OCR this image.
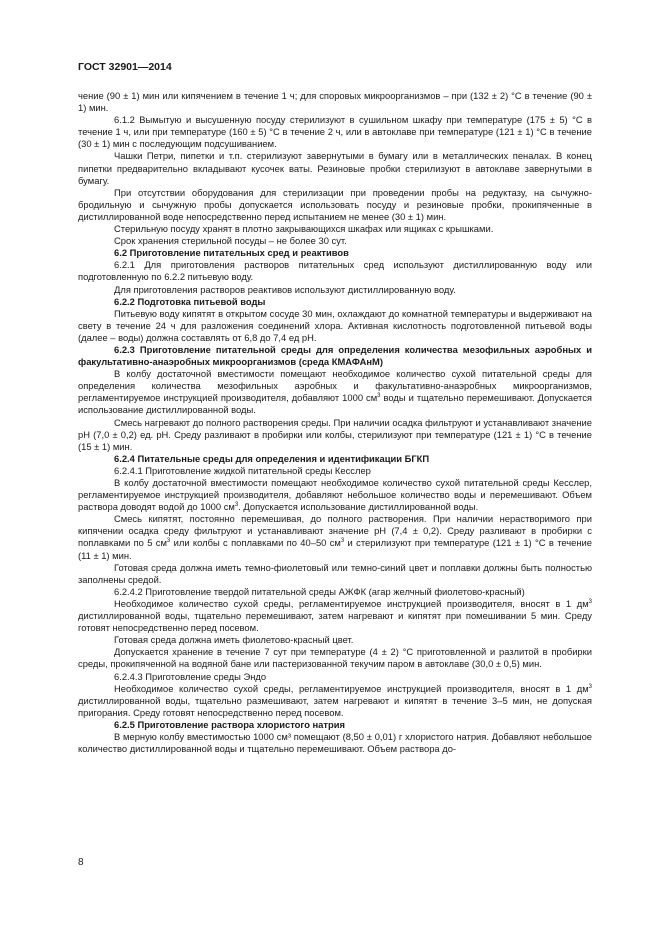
ГОСТ 32901—2014

чение (90 ± 1) мин или кипячением в течение 1 ч; для споровых микроорганизмов – при (132 ± 2) °С в течение (90 ± 1) мин.

6.1.2 Вымытую и высушенную посуду стерилизуют в сушильном шкафу при температуре (175 ± 5) °С в течение 1 ч, или при температуре (160 ± 5) °С в течение 2 ч, или в автоклаве при температуре (121 ± 1) °С в течение (30 ± 1) мин с последующим подсушиванием.

Чашки Петри, пипетки и т.п. стерилизуют завернутыми в бумагу или в металлических пеналах. В конец пипетки предварительно вкладывают кусочек ваты. Резиновые пробки стерилизуют в автоклаве завернутыми в бумагу.

При отсутствии оборудования для стерилизации при проведении пробы на редуктазу, на сычужно-бродильную и сычужную пробы допускается использовать посуду и резиновые пробки, прокипяченные в дистиллированной воде непосредственно перед испытанием не менее (30 ± 1) мин.

Стерильную посуду хранят в плотно закрывающихся шкафах или ящиках с крышками.

Срок хранения стерильной посуды – не более 30 сут.

6.2 Приготовление питательных сред и реактивов

6.2.1 Для приготовления растворов питательных сред используют дистиллированную воду или подготовленную по 6.2.2 питьевую воду.

Для приготовления растворов реактивов используют дистиллированную воду.

6.2.2 Подготовка питьевой воды

Питьевую воду кипятят в открытом сосуде 30 мин, охлаждают до комнатной температуры и выдерживают на свету в течение 24 ч для разложения соединений хлора. Активная кислотность подготовленной питьевой воды (далее – воды) должна составлять от 6,8 до 7,4 ед рН.

6.2.3 Приготовление питательной среды для определения количества мезофильных аэробных и факультативно-анаэробных микроорганизмов (среда КМАФАнМ)

В колбу достаточной вместимости помещают необходимое количество сухой питательной среды для определения количества мезофильных аэробных и факультативно-анаэробных микроорганизмов, регламентируемое инструкцией производителя, добавляют 1000 $см^3$ воды и тщательно перемешивают. Допускается использование дистиллированной воды.

Смесь нагревают до полного растворения среды. При наличии осадка фильтруют и устанавливают значение рН (7,0 ± 0,2) ед. рН. Среду разливают в пробирки или колбы, стерилизуют при температуре (121 ± 1) °С в течение (15 ± 1) мин.

6.2.4 Питательные среды для определения и идентификации БГКП

6.2.4.1 Приготовление жидкой питательной среды Кесслер

В колбу достаточной вместимости помещают необходимое количество сухой питательной среды Кесслер, регламентируемое инструкцией производителя, добавляют небольшое количество воды и перемешивают. Объем раствора доводят водой до 1000 $см^3$. Допускается использование дистиллированной воды.

Смесь кипятят, постоянно перемешивая, до полного растворения. При наличии нерастворимого при кипячении осадка среду фильтруют и устанавливают значение рН (7,4 ± 0,2). Среду разливают в пробирки с поплавками по 5 $см^3$ или колбы с поплавками по 40–50 $см^3$ и стерилизуют при температуре (121 ± 1) °С в течение (11 ± 1) мин.

Готовая среда должна иметь темно-фиолетовый или темно-синий цвет и поплавки должны быть полностью заполнены средой.

6.2.4.2 Приготовление твердой питательной среды АЖФК (агар желчный фиолетово-красный)

Необходимое количество сухой среды, регламентируемое инструкцией производителя, вносят в 1 $дм^3$ дистиллированной воды, тщательно перемешивают, затем нагревают и кипятят при помешивании 5 мин. Среду готовят непосредственно перед посевом.

Готовая среда должна иметь фиолетово-красный цвет.

Допускается хранение в течение 7 сут при температуре (4 ± 2) °С приготовленной и разлитой в пробирки среды, прокипяченной на водяной бане или пастеризованной текучим паром в автоклаве (30,0 ± 0,5) мин.

6.2.4.3 Приготовление среды Эндо

Необходимое количество сухой среды, регламентируемое инструкцией производителя, вносят в 1 $дм^3$ дистиллированной воды, тщательно размешивают, затем нагревают и кипятят в течение 3–5 мин, не допуская пригорания. Среду готовят непосредственно перед посевом.

6.2.5 Приготовление раствора хлористого натрия

В мерную колбу вместимостью 1000 см³ помещают (8,50 ± 0,01) г хлористого натрия. Добавляют небольшое количество дистиллированной воды и тщательно перемешивают. Объем раствора до-

8
